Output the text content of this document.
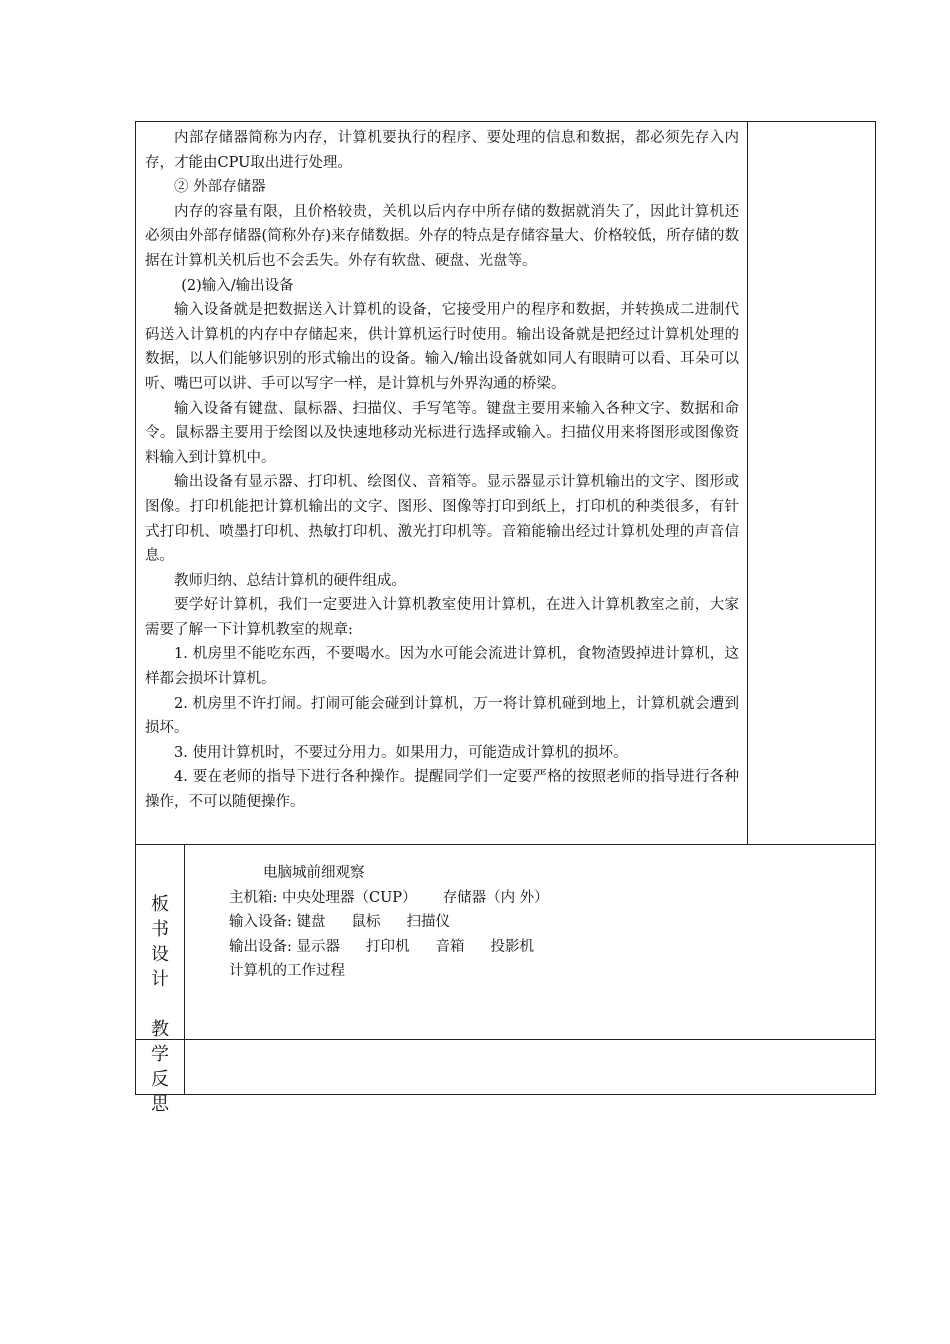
内部存储器简称为内存，计算机要执行的程序、要处理的信息和数据，都必须先存入内存，才能由CPU取出进行处理。

② 外部存储器

内存的容量有限，且价格较贵，关机以后内存中所存储的数据就消失了，因此计算机还必须由外部存储器(简称外存)来存储数据。外存的特点是存储容量大、价格较低，所存储的数据在计算机关机后也不会丢失。外存有软盘、硬盘、光盘等。

(2)输入/输出设备

输入设备就是把数据送入计算机的设备，它接受用户的程序和数据，并转换成二进制代码送入计算机的内存中存储起来，供计算机运行时使用。输出设备就是把经过计算机处理的数据，以人们能够识别的形式输出的设备。输入/输出设备就如同人有眼睛可以看、耳朵可以听、嘴巴可以讲、手可以写字一样，是计算机与外界沟通的桥梁。

输入设备有键盘、鼠标器、扫描仪、手写笔等。键盘主要用来输入各种文字、数据和命令。鼠标器主要用于绘图以及快速地移动光标进行选择或输入。扫描仪用来将图形或图像资料输入到计算机中。

输出设备有显示器、打印机、绘图仪、音箱等。显示器显示计算机输出的文字、图形或图像。打印机能把计算机输出的文字、图形、图像等打印到纸上，打印机的种类很多，有针式打印机、喷墨打印机、热敏打印机、激光打印机等。音箱能输出经过计算机处理的声音信息。

教师归纳、总结计算机的硬件组成。

要学好计算机，我们一定要进入计算机教室使用计算机，在进入计算机教室之前，大家需要了解一下计算机教室的规章:

1. 机房里不能吃东西，不要喝水。因为水可能会流进计算机，食物渣毁掉进计算机，这样都会损坏计算机。

2. 机房里不许打闹。打闹可能会碰到计算机，万一将计算机碰到地上，计算机就会遭到损坏。

3. 使用计算机时，不要过分用力。如果用力，可能造成计算机的损坏。

4. 要在老师的指导下进行各种操作。提醒同学们一定要严格的按照老师的指导进行各种操作，不可以随便操作。

板
书
设
计
电脑城前细观察
主机箱: 中央处理器（CUP） 存储器（内 外）
输入设备: 键盘 鼠标 扫描仪
输出设备: 显示器 打印机 音箱 投影机
计算机的工作过程
教
学
反
思
